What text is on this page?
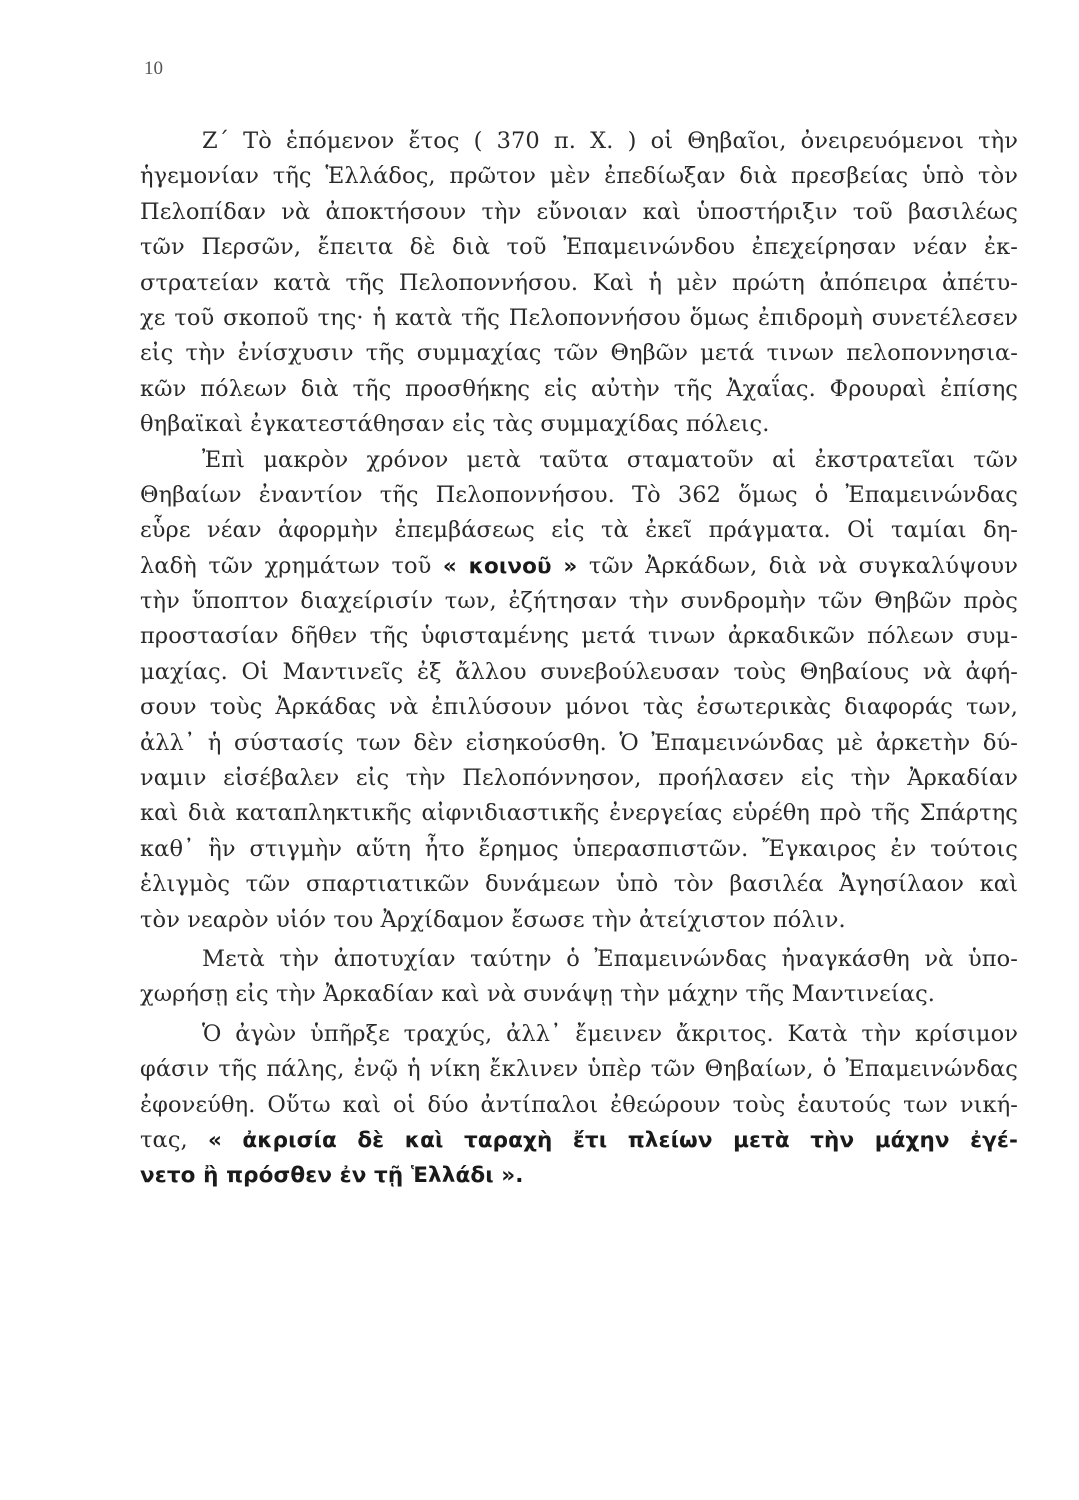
10
Ζ΄ Τὸ ἑπόμενον ἔτος ( 370 π. Χ. ) οἱ Θηβαῖοι, ὀνειρευόμενοι τὴν
ἡγεμονίαν τῆς Ἑλλάδος, πρῶτον μὲν ἐπεδίωξαν διὰ πρεσβείας ὑπὸ τὸν
Πελοπίδαν νὰ ἀποκτήσουν τὴν εὔνοιαν καὶ ὑποστήριξιν τοῦ βασιλέως
τῶν Περσῶν, ἔπειτα δὲ διὰ τοῦ Ἐπαμεινώνδου ἐπεχείρησαν νέαν ἐκ-
στρατείαν κατὰ τῆς Πελοποννήσου. Καὶ ἡ μὲν πρώτη ἀπόπειρα ἀπέτυ-
χε τοῦ σκοποῦ της· ἡ κατὰ τῆς Πελοποννήσου ὅμως ἐπιδρομὴ συνετέλεσεν
εἰς τὴν ἐνίσχυσιν τῆς συμμαχίας τῶν Θηβῶν μετά τινων πελοποννησια-
κῶν πόλεων διὰ τῆς προσθήκης εἰς αὐτὴν τῆς Ἀχαΐας. Φρουραὶ ἐπίσης
θηβαϊκαὶ ἐγκατεστάθησαν εἰς τὰς συμμαχίδας πόλεις.
Ἐπὶ μακρὸν χρόνον μετὰ ταῦτα σταματοῦν αἱ ἐκστρατεῖαι τῶν
Θηβαίων ἐναντίον τῆς Πελοποννήσου. Τὸ 362 ὅμως ὁ Ἐπαμεινώνδας
εὗρε νέαν ἀφορμὴν ἐπεμβάσεως εἰς τὰ ἐκεῖ πράγματα. Οἱ ταμίαι δη-
λαδὴ τῶν χρημάτων τοῦ « κοινοῦ » τῶν Ἀρκάδων, διὰ νὰ συγκαλύψουν
τὴν ὕποπτον διαχείρισίν των, ἐζήτησαν τὴν συνδρομὴν τῶν Θηβῶν πρὸς
προστασίαν δῆθεν τῆς ὑφισταμένης μετά τινων ἀρκαδικῶν πόλεων συμ-
μαχίας. Οἱ Μαντινεῖς ἐξ ἄλλου συνεβούλευσαν τοὺς Θηβαίους νὰ ἀφή-
σουν τοὺς Ἀρκάδας νὰ ἐπιλύσουν μόνοι τὰς ἐσωτερικὰς διαφοράς των,
ἀλλ᾽ ἡ σύστασίς των δὲν εἰσηκούσθη. Ὁ Ἐπαμεινώνδας μὲ ἀρκετὴν δύ-
ναμιν εἰσέβαλεν εἰς τὴν Πελοπόννησον, προήλασεν εἰς τὴν Ἀρκαδίαν
καὶ διὰ καταπληκτικῆς αἰφνιδιαστικῆς ἐνεργείας εὑρέθη πρὸ τῆς Σπάρτης
καθ᾽ ἣν στιγμὴν αὕτη ἦτο ἔρημος ὑπερασπιστῶν. Ἔγκαιρος ἐν τούτοις
ἑλιγμὸς τῶν σπαρτιατικῶν δυνάμεων ὑπὸ τὸν βασιλέα Ἀγησίλαον καὶ
τὸν νεαρὸν υἱόν του Ἀρχίδαμον ἔσωσε τὴν ἀτείχιστον πόλιν.
Μετὰ τὴν ἀποτυχίαν ταύτην ὁ Ἐπαμεινώνδας ἠναγκάσθη νὰ ὑπο-
χωρήσῃ εἰς τὴν Ἀρκαδίαν καὶ νὰ συνάψῃ τὴν μάχην τῆς Μαντινείας.
Ὁ ἀγὼν ὑπῆρξε τραχύς, ἀλλ᾽ ἔμεινεν ἄκριτος. Κατὰ τὴν κρίσιμον
φάσιν τῆς πάλης, ἐνῷ ἡ νίκη ἔκλινεν ὑπὲρ τῶν Θηβαίων, ὁ Ἐπαμεινώνδας
ἐφονεύθη. Οὕτω καὶ οἱ δύο ἀντίπαλοι ἐθεώρουν τοὺς ἑαυτούς των νική-
τας, « ἀκρισία δὲ καὶ ταραχὴ ἔτι πλείων μετὰ τὴν μάχην ἐγέ-
νετο ἢ πρόσθεν ἐν τῇ Ἑλλάδι ».
